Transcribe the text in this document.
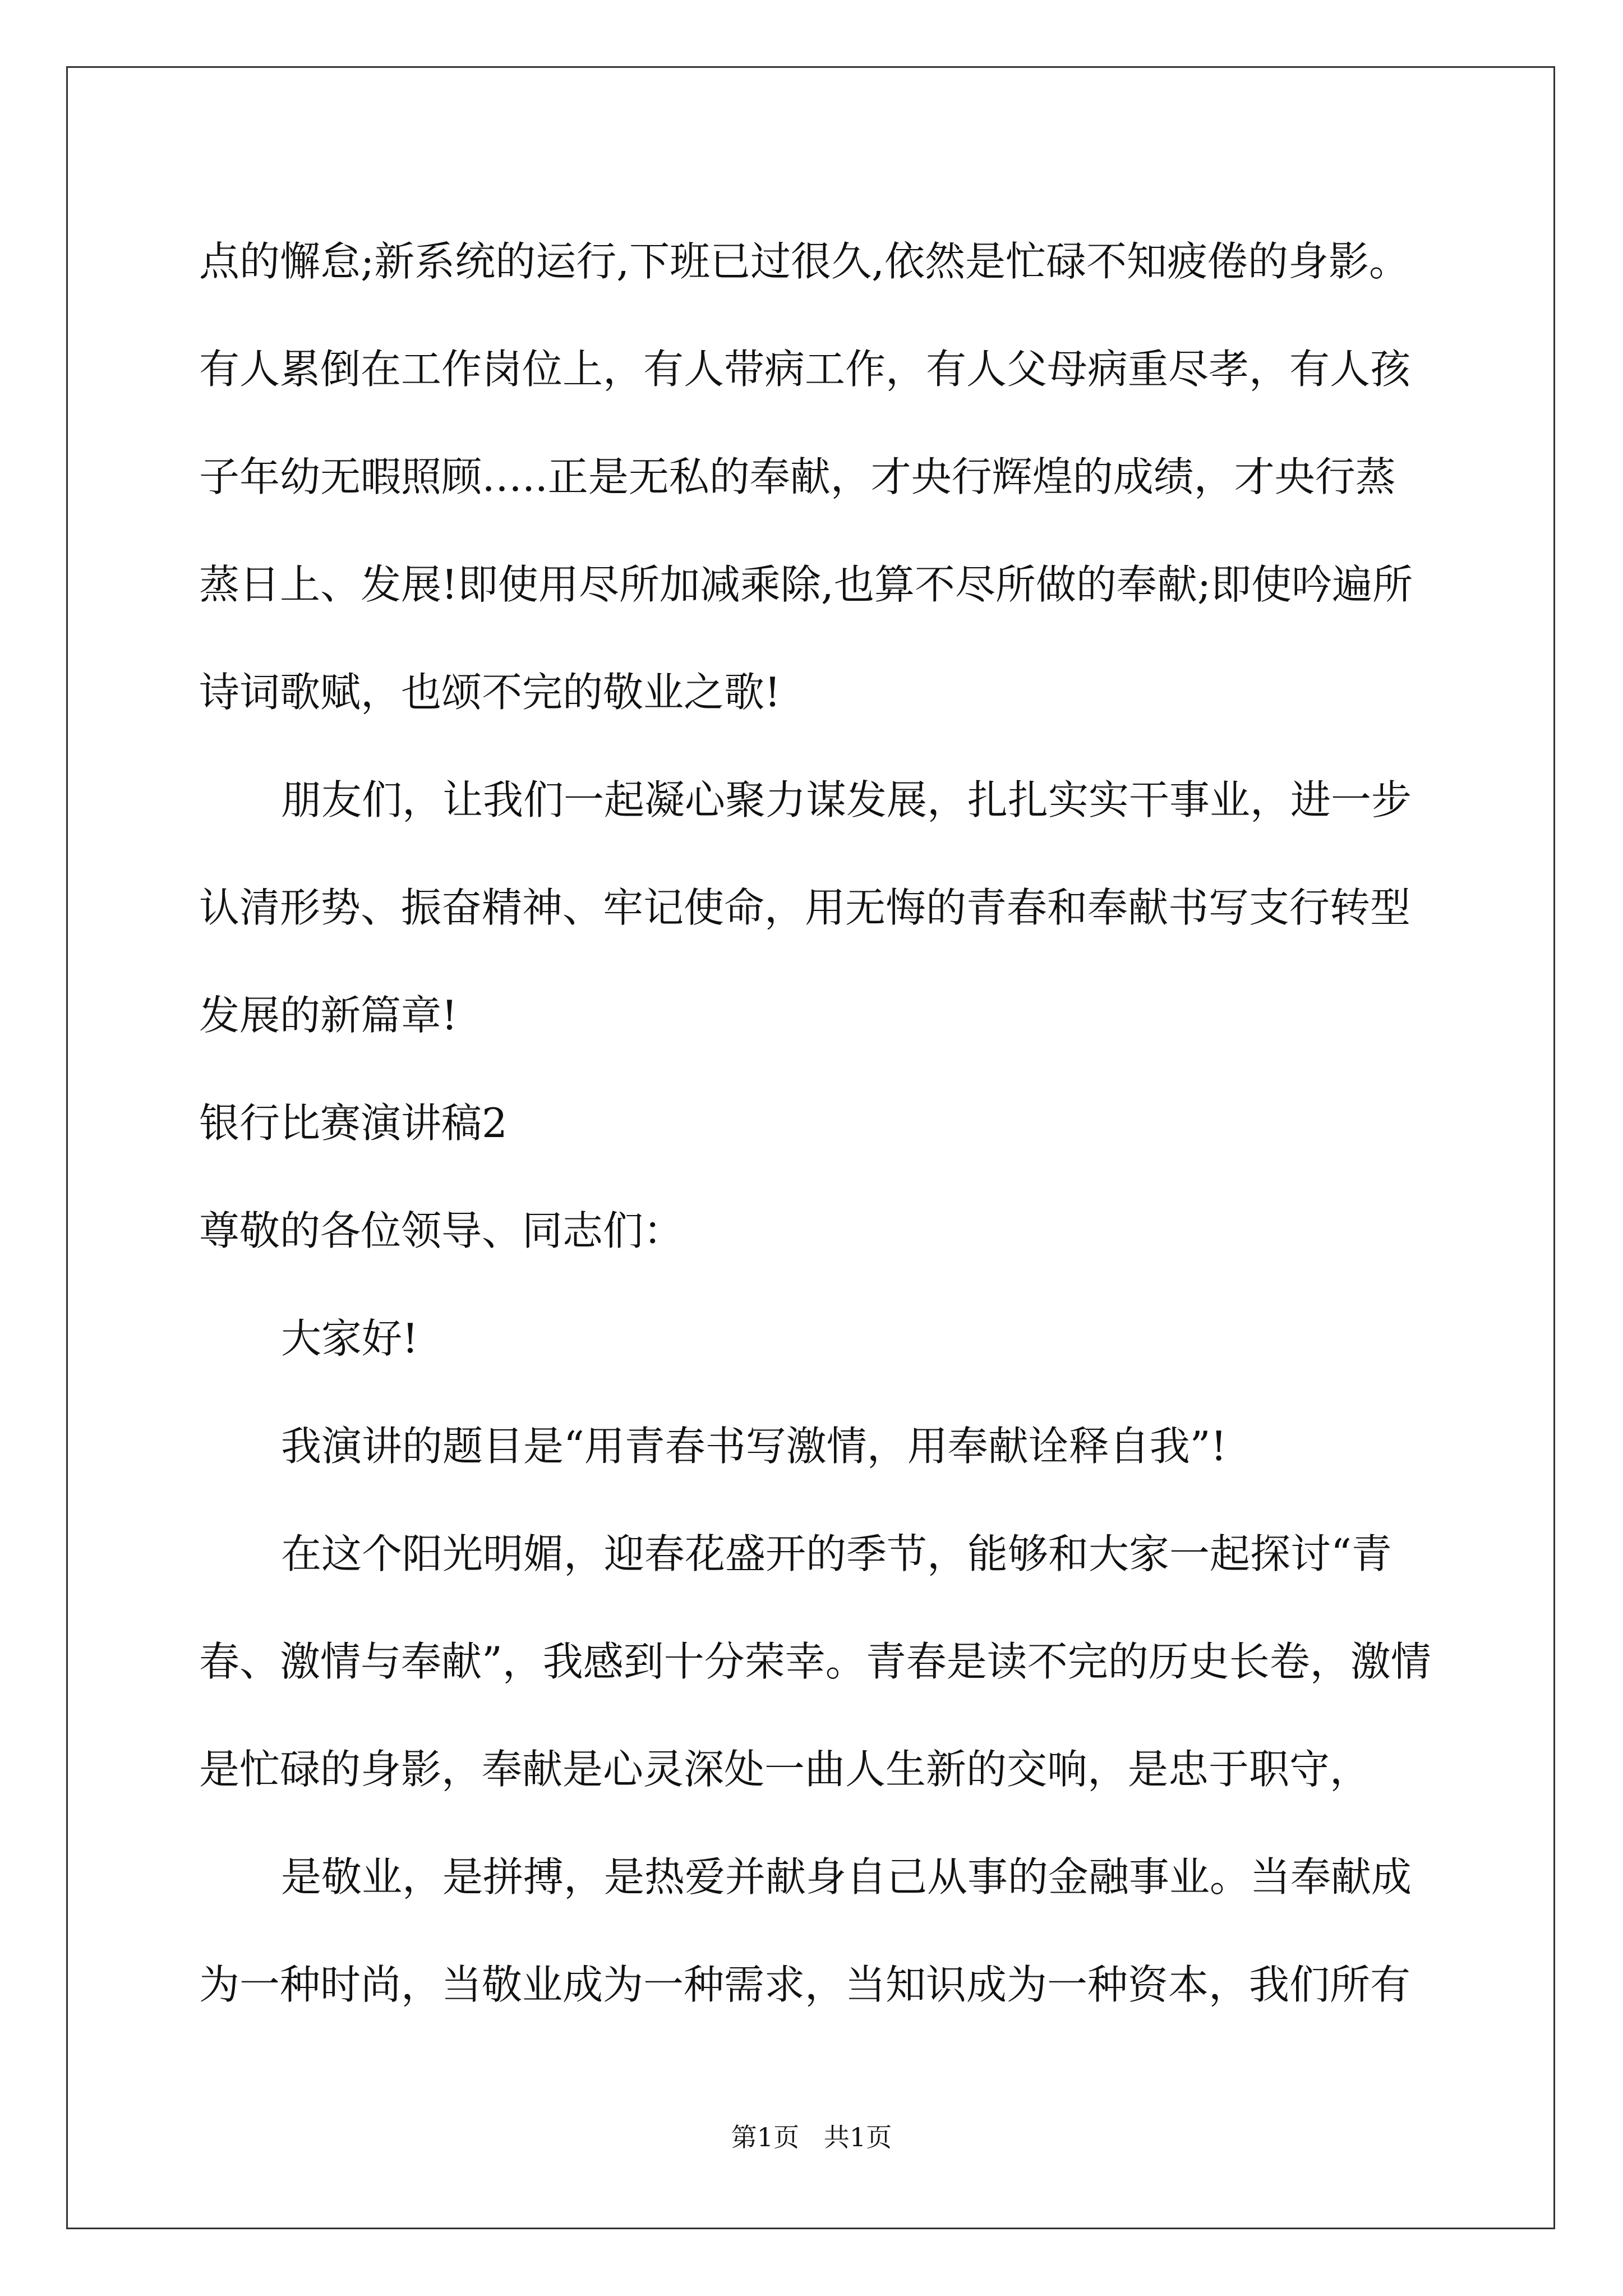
点的懈怠;新系统的运行,下班已过很久,依然是忙碌不知疲倦的身影。

有人累倒在工作岗位上，有人带病工作，有人父母病重尽孝，有人孩

子年幼无暇照顾…..正是无私的奉献，才央行辉煌的成绩，才央行蒸

蒸日上、发展!即使用尽所加减乘除,也算不尽所做的奉献;即使吟遍所

诗词歌赋，也颂不完的敬业之歌!

朋友们，让我们一起凝心聚力谋发展，扎扎实实干事业，进一步

认清形势、振奋精神、牢记使命，用无悔的青春和奉献书写支行转型

发展的新篇章!

银行比赛演讲稿2

尊敬的各位领导、同志们：

大家好!

我演讲的题目是“用青春书写激情，用奉献诠释自我”!

在这个阳光明媚，迎春花盛开的季节，能够和大家一起探讨“青

春、激情与奉献”，我感到十分荣幸。青春是读不完的历史长卷，激情

是忙碌的身影，奉献是心灵深处一曲人生新的交响，是忠于职守，

是敬业，是拼搏，是热爱并献身自己从事的金融事业。当奉献成

为一种时尚，当敬业成为一种需求，当知识成为一种资本，我们所有

第1页   共1页
